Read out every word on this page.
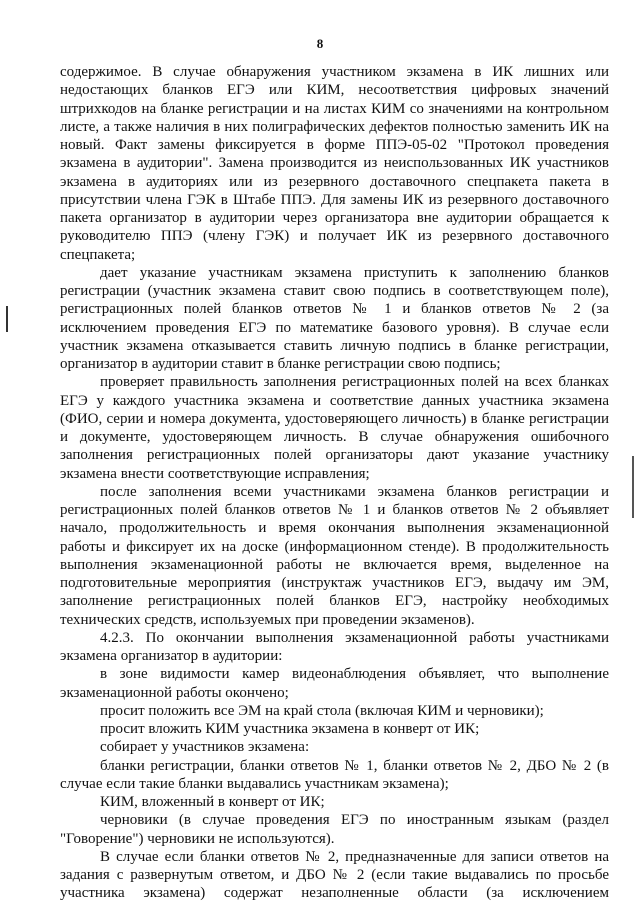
8
содержимое. В случае обнаружения участником экзамена в ИК лишних или
недостающих бланков ЕГЭ или КИМ, несоответствия цифровых значений
штрихкодов на бланке регистрации и на листах КИМ со значениями на контрольном
листе, а также наличия в них полиграфических дефектов полностью заменить ИК на
новый. Факт замены фиксируется в форме ППЭ-05-02 "Протокол проведения
экзамена в аудитории". Замена производится из неиспользованных ИК участников
экзамена в аудиториях или из резервного доставочного спецпакета пакета в
присутствии члена ГЭК в Штабе ППЭ. Для замены ИК из резервного доставочного
пакета организатор в аудитории через организатора вне аудитории обращается к
руководителю ППЭ (члену ГЭК) и получает ИК из резервного доставочного
спецпакета;
дает указание участникам экзамена приступить к заполнению бланков
регистрации (участник экзамена ставит свою подпись в соответствующем поле),
регистрационных полей бланков ответов № 1 и бланков ответов № 2 (за
исключением проведения ЕГЭ по математике базового уровня). В случае если
участник экзамена отказывается ставить личную подпись в бланке регистрации,
организатор в аудитории ставит в бланке регистрации свою подпись;
проверяет правильность заполнения регистрационных полей на всех бланках
ЕГЭ у каждого участника экзамена и соответствие данных участника экзамена
(ФИО, серии и номера документа, удостоверяющего личность) в бланке регистрации
и документе, удостоверяющем личность. В случае обнаружения ошибочного
заполнения регистрационных полей организаторы дают указание участнику
экзамена внести соответствующие исправления;
после заполнения всеми участниками экзамена бланков регистрации и
регистрационных полей бланков ответов № 1 и бланков ответов № 2 объявляет
начало, продолжительность и время окончания выполнения экзаменационной
работы и фиксирует их на доске (информационном стенде). В продолжительность
выполнения экзаменационной работы не включается время, выделенное на
подготовительные мероприятия (инструктаж участников ЕГЭ, выдачу им ЭМ,
заполнение регистрационных полей бланков ЕГЭ, настройку необходимых
технических средств, используемых при проведении экзаменов).
4.2.3. По окончании выполнения экзаменационной работы участниками
экзамена организатор в аудитории:
в зоне видимости камер видеонаблюдения объявляет, что выполнение
экзаменационной работы окончено;
просит положить все ЭМ на край стола (включая КИМ и черновики);
просит вложить КИМ участника экзамена в конверт от ИК;
собирает у участников экзамена:
бланки регистрации, бланки ответов № 1, бланки ответов № 2, ДБО № 2 (в
случае если такие бланки выдавались участникам экзамена);
КИМ, вложенный в конверт от ИК;
черновики (в случае проведения ЕГЭ по иностранным языкам (раздел
"Говорение") черновики не используются).
В случае если бланки ответов № 2, предназначенные для записи ответов на
задания с развернутым ответом, и ДБО № 2 (если такие выдавались по просьбе
участника экзамена) содержат незаполненные области (за исключением
